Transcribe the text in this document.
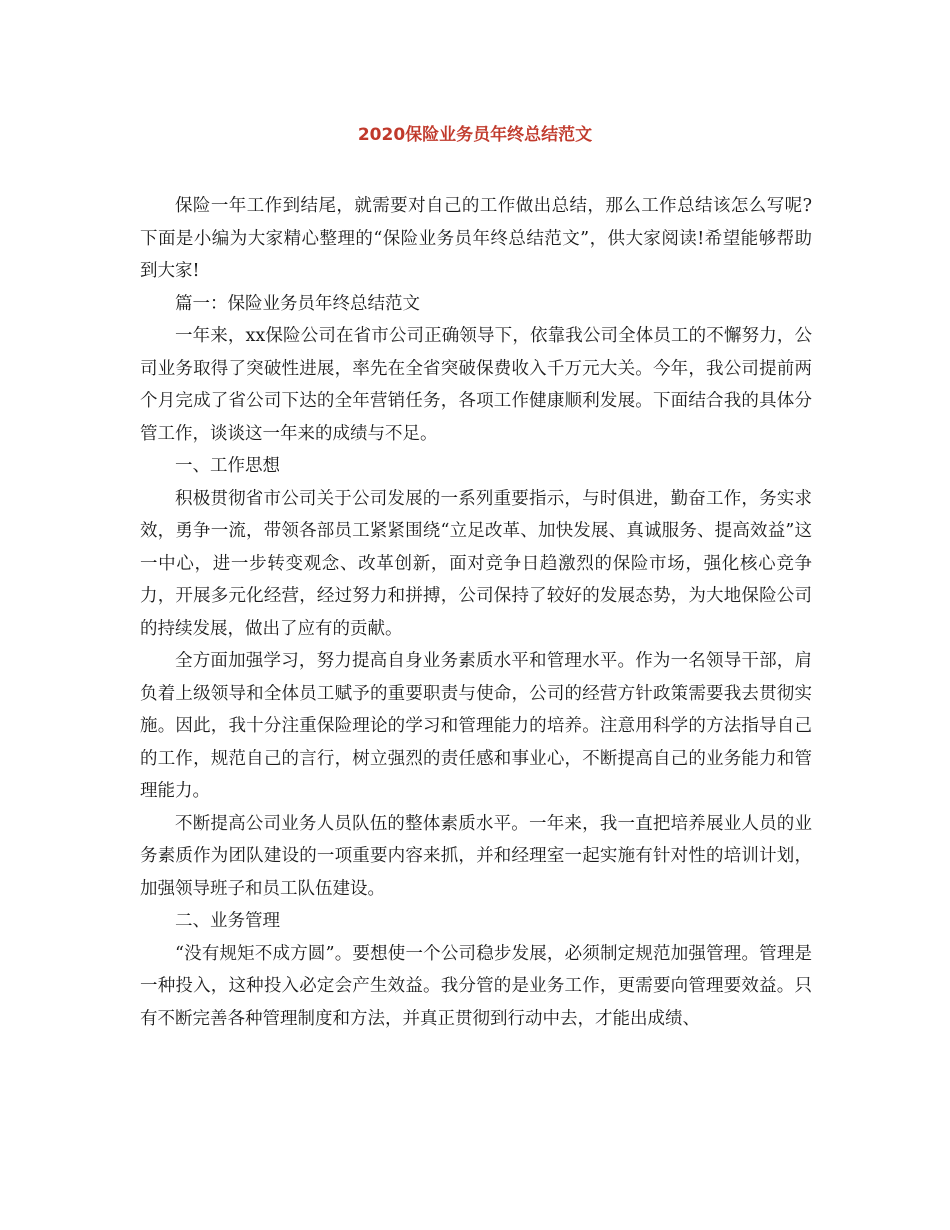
2020保险业务员年终总结范文

保险一年工作到结尾，就需要对自己的工作做出总结，那么工作总结该怎么写呢?下面是小编为大家精心整理的“保险业务员年终总结范文”，供大家阅读!希望能够帮助到大家!

篇一：保险业务员年终总结范文

一年来，xx保险公司在省市公司正确领导下，依靠我公司全体员工的不懈努力，公司业务取得了突破性进展，率先在全省突破保费收入千万元大关。今年，我公司提前两个月完成了省公司下达的全年营销任务，各项工作健康顺利发展。下面结合我的具体分管工作，谈谈这一年来的成绩与不足。

一、工作思想

积极贯彻省市公司关于公司发展的一系列重要指示，与时俱进，勤奋工作，务实求效，勇争一流，带领各部员工紧紧围绕“立足改革、加快发展、真诚服务、提高效益”这一中心，进一步转变观念、改革创新，面对竞争日趋激烈的保险市场，强化核心竞争力，开展多元化经营，经过努力和拼搏，公司保持了较好的发展态势，为大地保险公司的持续发展，做出了应有的贡献。

全方面加强学习，努力提高自身业务素质水平和管理水平。作为一名领导干部，肩负着上级领导和全体员工赋予的重要职责与使命，公司的经营方针政策需要我去贯彻实施。因此，我十分注重保险理论的学习和管理能力的培养。注意用科学的方法指导自己的工作，规范自己的言行，树立强烈的责任感和事业心，不断提高自己的业务能力和管理能力。

不断提高公司业务人员队伍的整体素质水平。一年来，我一直把培养展业人员的业务素质作为团队建设的一项重要内容来抓，并和经理室一起实施有针对性的培训计划，加强领导班子和员工队伍建设。

二、业务管理

“没有规矩不成方圆”。要想使一个公司稳步发展，必须制定规范加强管理。管理是一种投入，这种投入必定会产生效益。我分管的是业务工作，更需要向管理要效益。只有不断完善各种管理制度和方法，并真正贯彻到行动中去，才能出成绩、
